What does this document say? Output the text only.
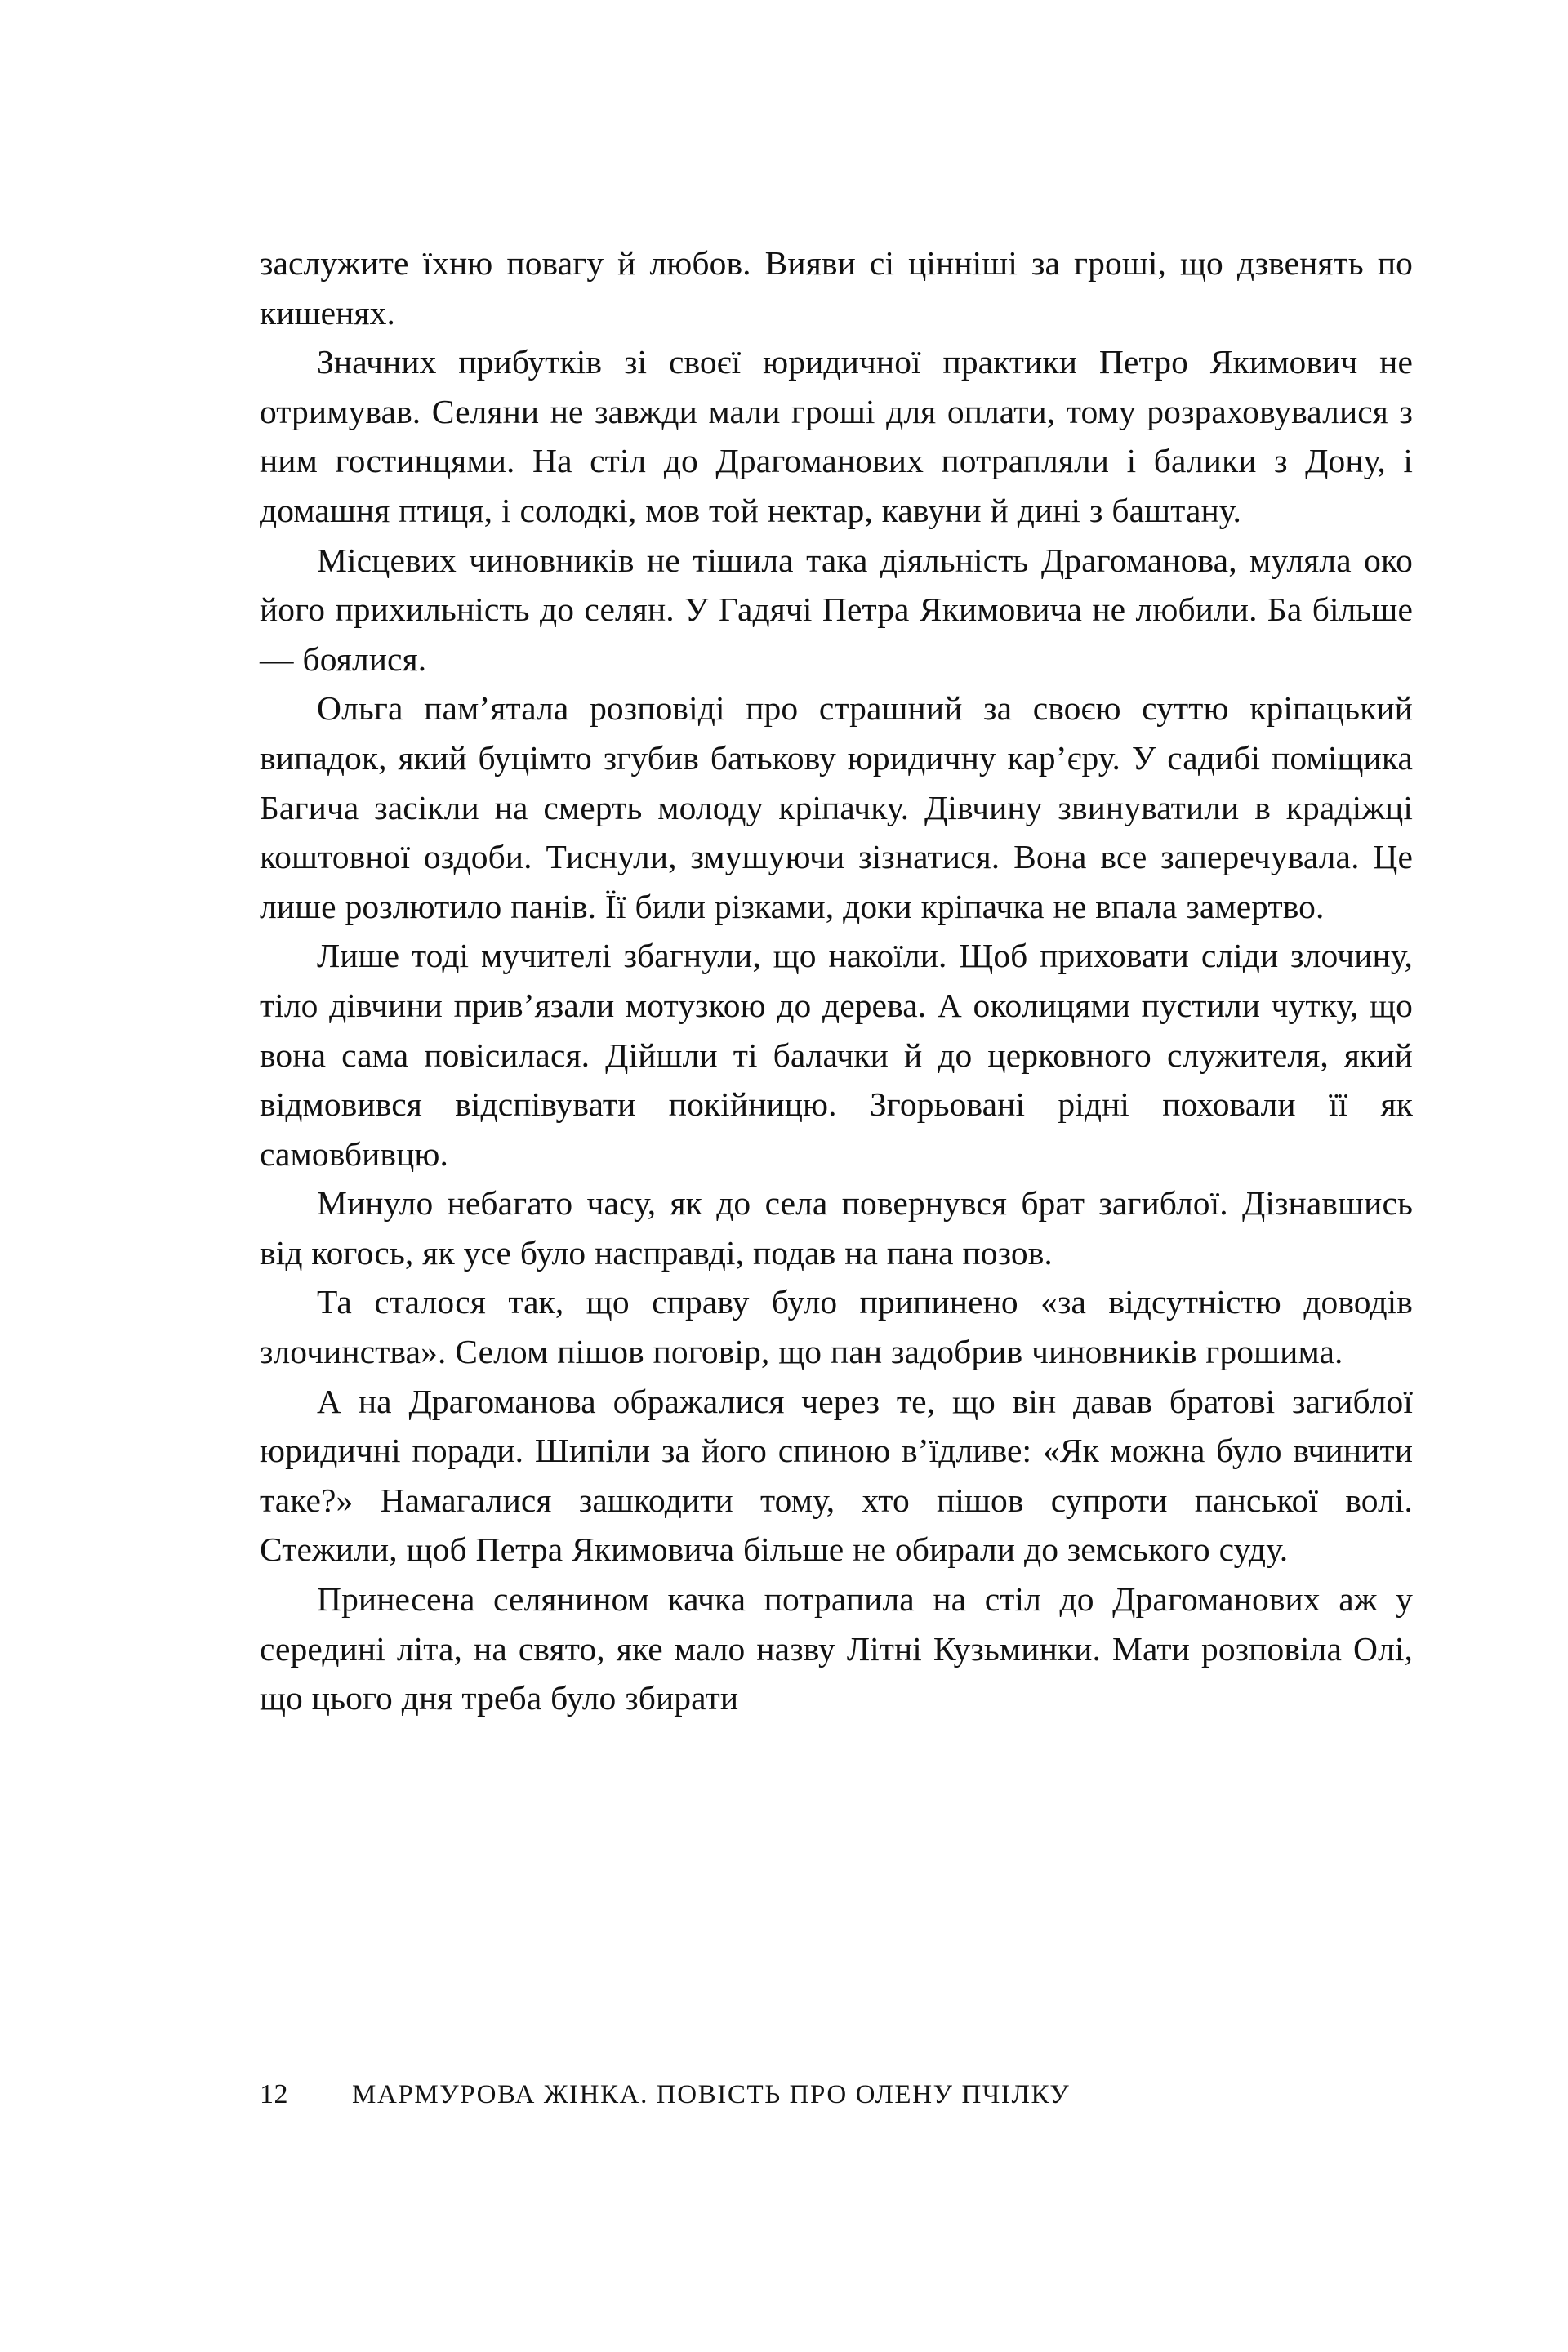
заслужите їхню повагу й любов. Вияви сі цінніші за гроші, що дзвенять по кишенях.

Значних прибутків зі своєї юридичної практики Петро Якимович не отримував. Селяни не завжди мали гроші для оплати, тому розраховувалися з ним гостинцями. На стіл до Драгоманових потрапляли і балики з Дону, і домашня птиця, і солодкі, мов той нектар, кавуни й дині з баштану.

Місцевих чиновників не тішила така діяльність Драгоманова, муляла око його прихильність до селян. У Гадячі Петра Якимовича не любили. Ба більше — боялися.

Ольга пам’ятала розповіді про страшний за своєю суттю кріпацький випадок, який буцімто згубив батькову юридичну кар’єру. У садибі поміщика Багича засікли на смерть молоду кріпачку. Дівчину звинуватили в крадіжці коштовної оздоби. Тиснули, змушуючи зізнатися. Вона все заперечувала. Це лише розлютило панів. Її били різками, доки кріпачка не впала замертво.

Лише тоді мучителі збагнули, що накоїли. Щоб приховати сліди злочину, тіло дівчини прив’язали мотузкою до дерева. А околицями пустили чутку, що вона сама повісилася. Дійшли ті балачки й до церковного служителя, який відмовився відспівувати покійницю. Згорьовані рідні поховали її як самовбивцю.

Минуло небагато часу, як до села повернувся брат загиблої. Дізнавшись від когось, як усе було насправді, подав на пана позов.

Та сталося так, що справу було припинено «за відсутністю доводів злочинства». Селом пішов поговір, що пан задобрив чиновників грошима.

А на Драгоманова ображалися через те, що він давав братові загиблої юридичні поради. Шипіли за його спиною в’їдливе: «Як можна було вчинити таке?» Намагалися зашкодити тому, хто пішов супроти панської волі. Стежили, щоб Петра Якимовича більше не обирали до земського суду.

Принесена селянином качка потрапила на стіл до Драгоманових аж у середині літа, на свято, яке мало назву Літні Кузьминки. Мати розповіла Олі, що цього дня треба було збирати

12 МАРМУРОВА ЖІНКА. ПОВІСТЬ ПРО ОЛЕНУ ПЧІЛКУ
